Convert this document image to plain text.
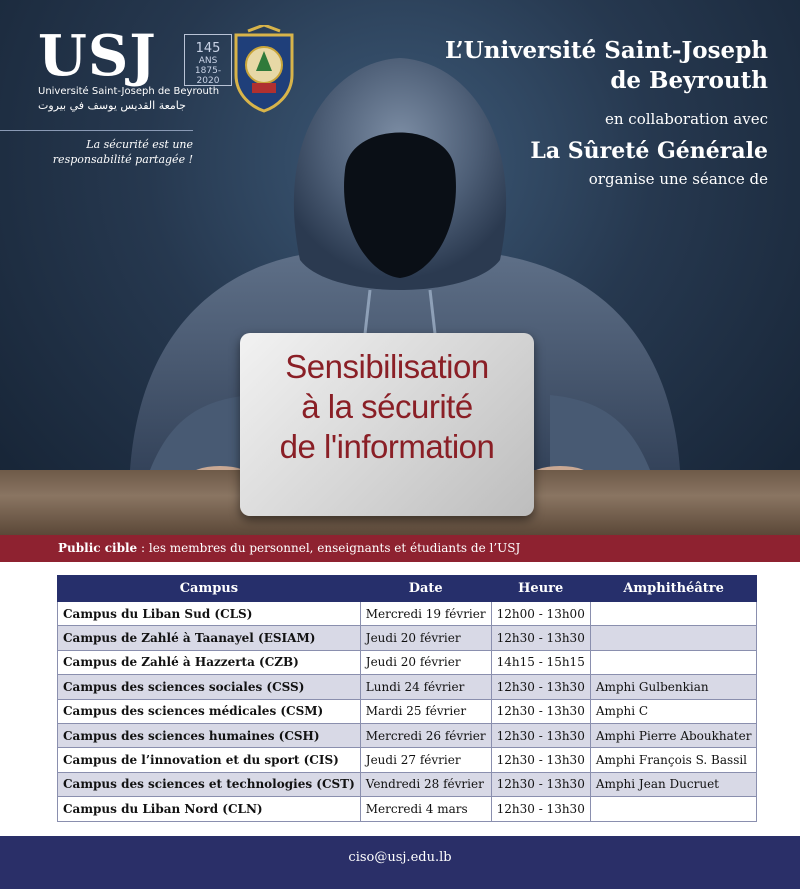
USJ	145
ANS
1875-2020
Université Saint-Joseph de Beyrouth
جامعة القديس يوسف في بيروت
La sécurité est une responsabilité partagée !
L’Université Saint-Joseph
de Beyrouth
en collaboration avec
La Sûreté Générale
organise une séance de
Sensibilisation
à la sécurité
de l'information
Public cible : les membres du personnel, enseignants et étudiants de l’USJ
Campus	Date	Heure	Amphithéâtre
Campus du Liban Sud (CLS)	Mercredi 19 février	12h00 - 13h00	
Campus de Zahlé à Taanayel (ESIAM)	Jeudi 20 février	12h30 - 13h30	
Campus de Zahlé à Hazzerta (CZB)	Jeudi 20 février	14h15 - 15h15	
Campus des sciences sociales (CSS)	Lundi 24 février	12h30 - 13h30	Amphi Gulbenkian
Campus des sciences médicales (CSM)	Mardi 25 février	12h30 - 13h30	Amphi C
Campus des sciences humaines (CSH)	Mercredi 26 février	12h30 - 13h30	Amphi Pierre Aboukhater
Campus de l’innovation et du sport (CIS)	Jeudi 27 février	12h30 - 13h30	Amphi François S. Bassil
Campus des sciences et technologies (CST)	Vendredi 28 février	12h30 - 13h30	Amphi Jean Ducruet
Campus du Liban Nord (CLN)	Mercredi 4 mars	12h30 - 13h30	
ciso@usj.edu.lb
